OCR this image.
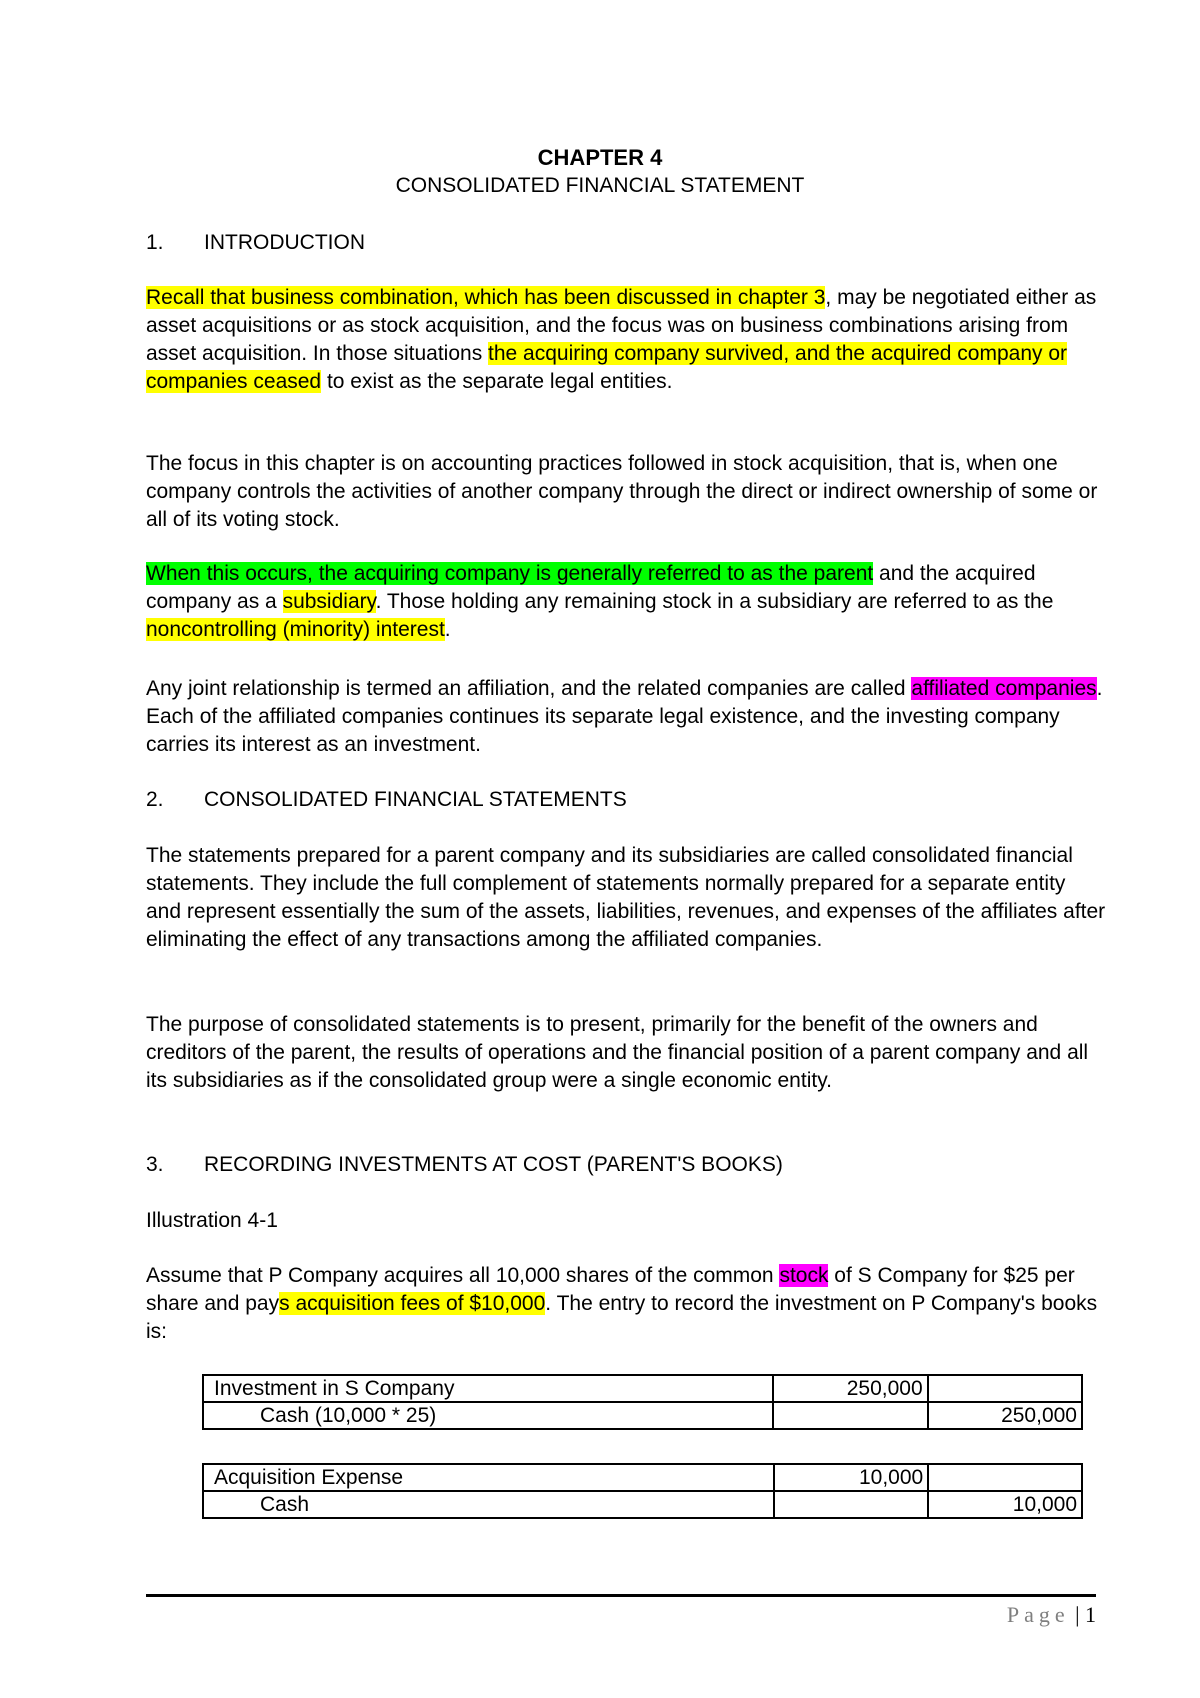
CHAPTER 4
CONSOLIDATED FINANCIAL STATEMENT
1.	INTRODUCTION
Recall that business combination, which has been discussed in chapter 3, may be negotiated either as asset acquisitions or as stock acquisition, and the focus was on business combinations arising from asset acquisition. In those situations the acquiring company survived, and the acquired company or companies ceased to exist as the separate legal entities.
The focus in this chapter is on accounting practices followed in stock acquisition, that is, when one company controls the activities of another company through the direct or indirect ownership of some or all of its voting stock.
When this occurs, the acquiring company is generally referred to as the parent and the acquired company as a subsidiary. Those holding any remaining stock in a subsidiary are referred to as the noncontrolling (minority) interest.
Any joint relationship is termed an affiliation, and the related companies are called affiliated companies. Each of the affiliated companies continues its separate legal existence, and the investing company carries its interest as an investment.
2.	CONSOLIDATED FINANCIAL STATEMENTS
The statements prepared for a parent company and its subsidiaries are called consolidated financial statements. They include the full complement of statements normally prepared for a separate entity and represent essentially the sum of the assets, liabilities, revenues, and expenses of the affiliates after eliminating the effect of any transactions among the affiliated companies.
The purpose of consolidated statements is to present, primarily for the benefit of the owners and creditors of the parent, the results of operations and the financial position of a parent company and all its subsidiaries as if the consolidated group were a single economic entity.
3.	RECORDING INVESTMENTS AT COST (PARENT'S BOOKS)
Illustration 4-1
Assume that P Company acquires all 10,000 shares of the common stock of S Company for $25 per share and pays acquisition fees of $10,000. The entry to record the investment on P Company's books is:
Investment in S Company	250,000	
Cash (10,000 * 25)		250,000
Acquisition Expense	10,000	
Cash		10,000
Page | 1
